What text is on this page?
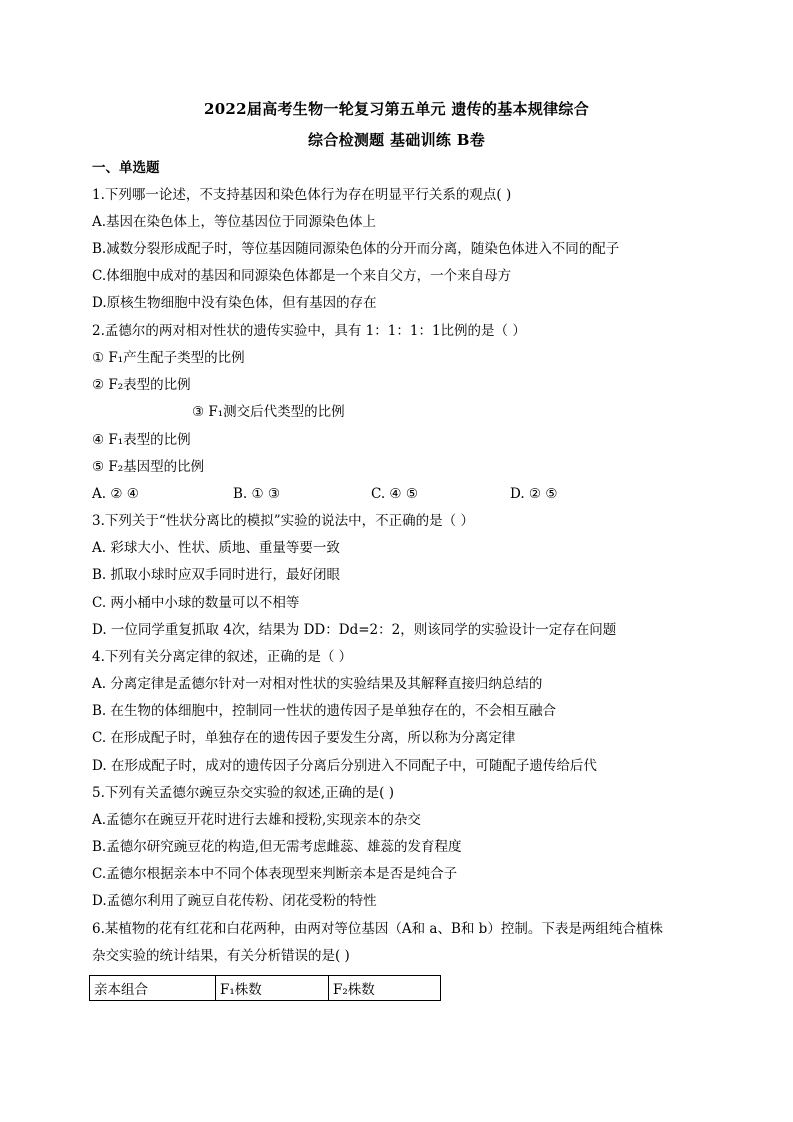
2022届高考生物一轮复习第五单元 遗传的基本规律综合
综合检测题 基础训练 B卷
一、单选题
1.下列哪一论述，不支持基因和染色体行为存在明显平行关系的观点( )
A.基因在染色体上，等位基因位于同源染色体上
B.减数分裂形成配子时，等位基因随同源染色体的分开而分离，随染色体进入不同的配子
C.体细胞中成对的基因和同源染色体都是一个来自父方，一个来自母方
D.原核生物细胞中没有染色体，但有基因的存在
2.孟德尔的两对相对性状的遗传实验中，具有 1：1：1：1比例的是（ ）
① F₁产生配子类型的比例
② F₂表型的比例
③ F₁测交后代类型的比例
④ F₁表型的比例
⑤ F₂基因型的比例
A. ② ④	B. ① ③	C. ④ ⑤	D. ② ⑤
3.下列关于“性状分离比的模拟”实验的说法中，不正确的是（ ）
A. 彩球大小、性状、质地、重量等要一致
B. 抓取小球时应双手同时进行，最好闭眼
C. 两小桶中小球的数量可以不相等
D. 一位同学重复抓取 4次，结果为 DD：Dd=2：2，则该同学的实验设计一定存在问题
4.下列有关分离定律的叙述，正确的是（ ）
A. 分离定律是孟德尔针对一对相对性状的实验结果及其解释直接归纳总结的
B. 在生物的体细胞中，控制同一性状的遗传因子是单独存在的，不会相互融合
C. 在形成配子时，单独存在的遗传因子要发生分离，所以称为分离定律
D. 在形成配子时，成对的遗传因子分离后分别进入不同配子中，可随配子遗传给后代
5.下列有关孟德尔豌豆杂交实验的叙述,正确的是( )
A.孟德尔在豌豆开花时进行去雄和授粉,实现亲本的杂交
B.孟德尔研究豌豆花的构造,但无需考虑雌蕊、雄蕊的发育程度
C.孟德尔根据亲本中不同个体表现型来判断亲本是否是纯合子
D.孟德尔利用了豌豆自花传粉、闭花受粉的特性
6.某植物的花有红花和白花两种，由两对等位基因（A和 a、B和 b）控制。下表是两组纯合植株
杂交实验的统计结果，有关分析错误的是( )
亲本组合	F₁株数	F₂株数
